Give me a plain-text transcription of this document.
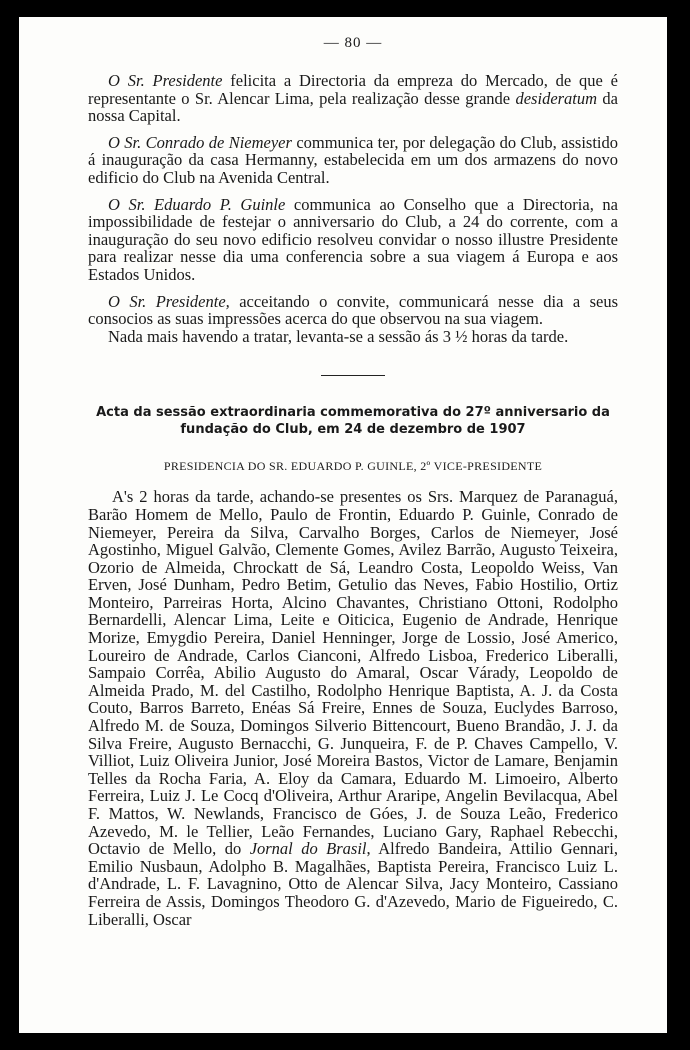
— 80 —

O Sr. Presidente felicita a Directoria da empreza do Mercado, de que é representante o Sr. Alencar Lima, pela realização desse grande desideratum da nossa Capital.

O Sr. Conrado de Niemeyer communica ter, por delegação do Club, assistido á inauguração da casa Hermanny, estabelecida em um dos armazens do novo edificio do Club na Avenida Central.

O Sr. Eduardo P. Guinle communica ao Conselho que a Directoria, na impossibilidade de festejar o anniversario do Club, a 24 do corrente, com a inauguração do seu novo edificio resolveu convidar o nosso illustre Presidente para realizar nesse dia uma conferencia sobre a sua viagem á Europa e aos Estados Unidos.

O Sr. Presidente, acceitando o convite, communicará nesse dia a seus consocios as suas impressões acerca do que observou na sua viagem.

Nada mais havendo a tratar, levanta-se a sessão ás 3 ½ horas da tarde.

Acta da sessão extraordinaria commemorativa do 27º anniversario da fundação do Club, em 24 de dezembro de 1907
PRESIDENCIA DO SR. EDUARDO P. GUINLE, 2º VICE-PRESIDENTE

A's 2 horas da tarde, achando-se presentes os Srs. Marquez de Paranaguá, Barão Homem de Mello, Paulo de Frontin, Eduardo P. Guinle, Conrado de Niemeyer, Pereira da Silva, Carvalho Borges, Carlos de Niemeyer, José Agostinho, Miguel Galvão, Clemente Gomes, Avilez Barrão, Augusto Teixeira, Ozorio de Almeida, Chrockatt de Sá, Leandro Costa, Leopoldo Weiss, Van Erven, José Dunham, Pedro Betim, Getulio das Neves, Fabio Hostilio, Ortiz Monteiro, Parreiras Horta, Alcino Chavantes, Christiano Ottoni, Rodolpho Bernardelli, Alencar Lima, Leite e Oiticica, Eugenio de Andrade, Henrique Morize, Emygdio Pereira, Daniel Henninger, Jorge de Lossio, José Americo, Loureiro de Andrade, Carlos Cianconi, Alfredo Lisboa, Frederico Liberalli, Sampaio Corrêa, Abilio Augusto do Amaral, Oscar Várady, Leopoldo de Almeida Prado, M. del Castilho, Rodolpho Henrique Baptista, A. J. da Costa Couto, Barros Barreto, Enéas Sá Freire, Ennes de Souza, Euclydes Barroso, Alfredo M. de Souza, Domingos Silverio Bittencourt, Bueno Brandão, J. J. da Silva Freire, Augusto Bernacchi, G. Junqueira, F. de P. Chaves Campello, V. Villiot, Luiz Oliveira Junior, José Moreira Bastos, Victor de Lamare, Benjamin Telles da Rocha Faria, A. Eloy da Camara, Eduardo M. Limoeiro, Alberto Ferreira, Luiz J. Le Cocq d'Oliveira, Arthur Araripe, Angelin Bevilacqua, Abel F. Mattos, W. Newlands, Francisco de Góes, J. de Souza Leão, Frederico Azevedo, M. le Tellier, Leão Fernandes, Luciano Gary, Raphael Rebecchi, Octavio de Mello, do Jornal do Brasil, Alfredo Bandeira, Attilio Gennari, Emilio Nusbaun, Adolpho B. Magalhães, Baptista Pereira, Francisco Luiz L. d'Andrade, L. F. Lavagnino, Otto de Alencar Silva, Jacy Monteiro, Cassiano Ferreira de Assis, Domingos Theodoro G. d'Azevedo, Mario de Figueiredo, C. Liberalli, Oscar
